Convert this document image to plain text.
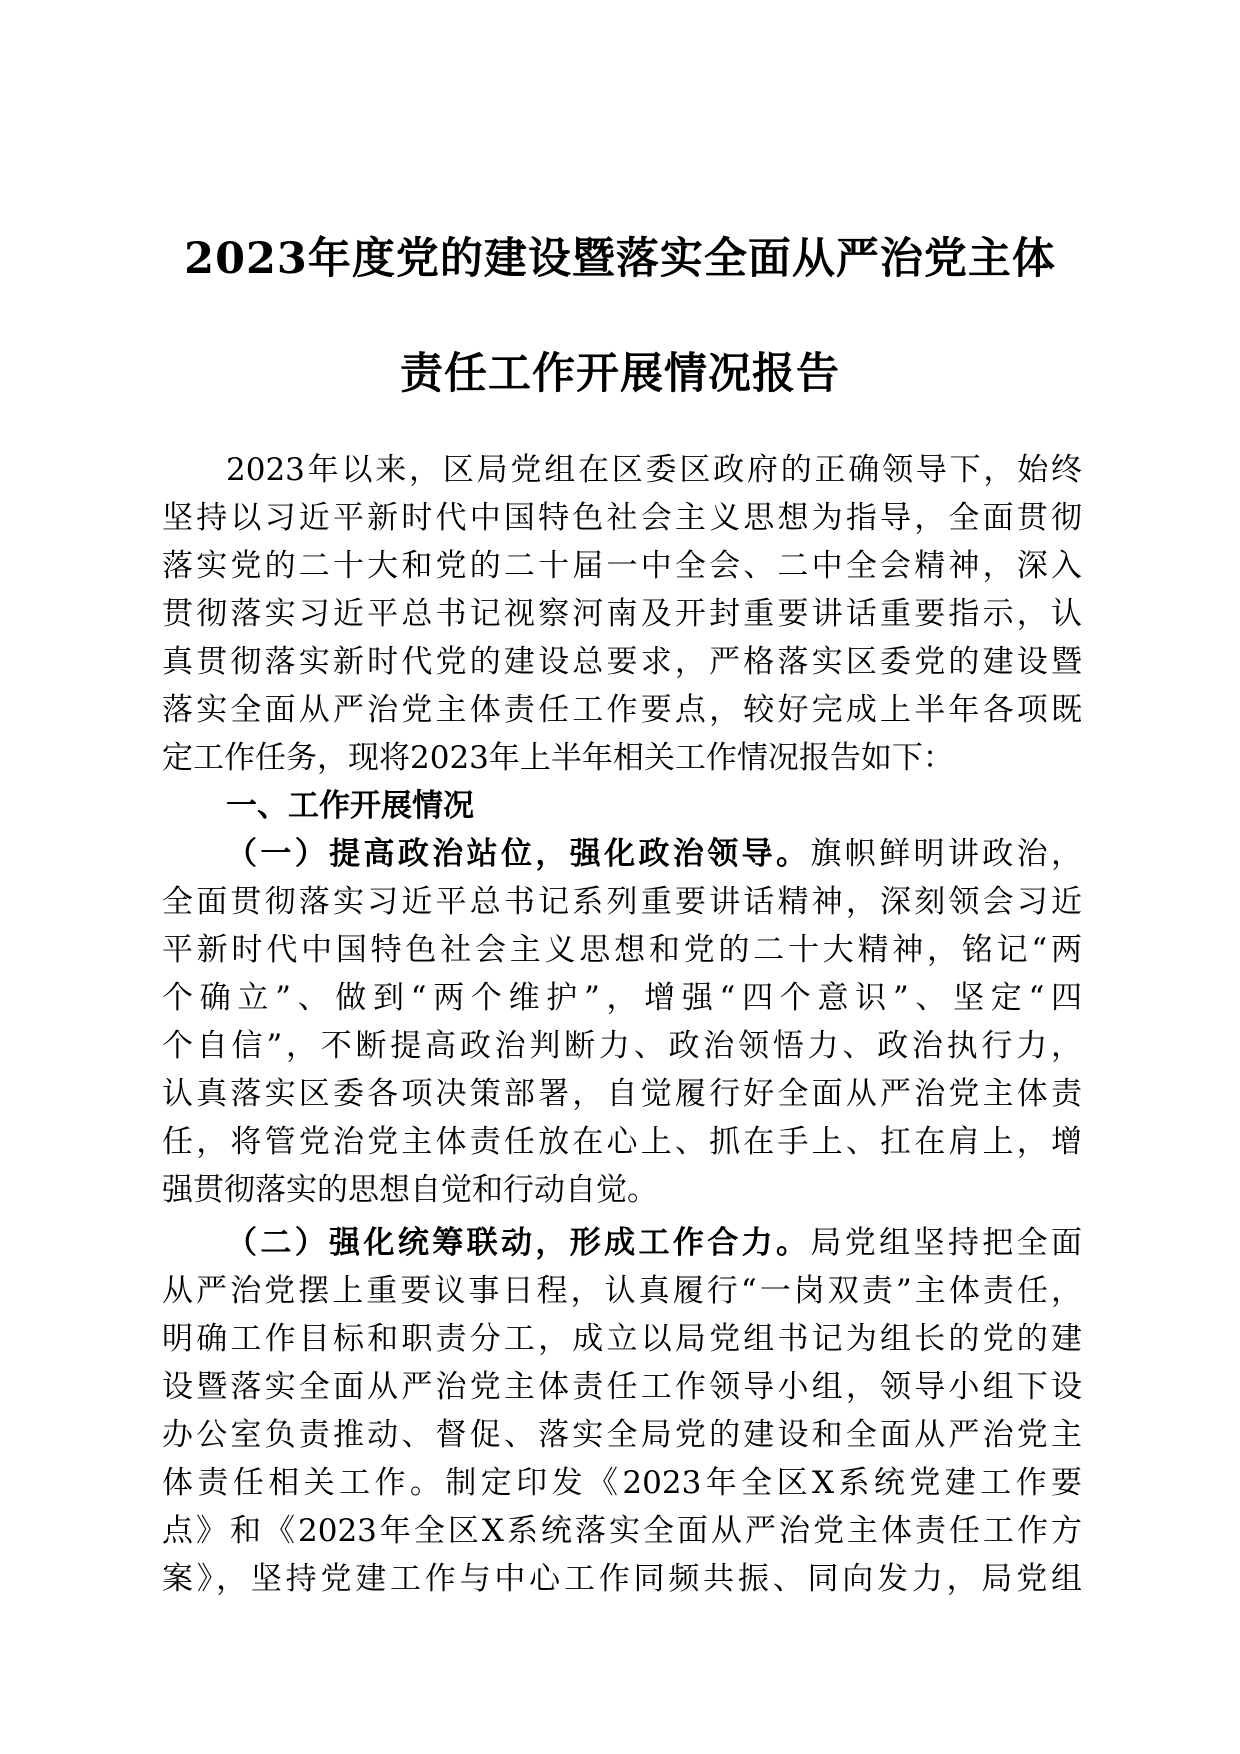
2023年度党的建设暨落实全面从严治党主体
责任工作开展情况报告
2023年以来，区局党组在区委区政府的正确领导下，始终
坚持以习近平新时代中国特色社会主义思想为指导，全面贯彻
落实党的二十大和党的二十届一中全会、二中全会精神，深入
贯彻落实习近平总书记视察河南及开封重要讲话重要指示，认
真贯彻落实新时代党的建设总要求，严格落实区委党的建设暨
落实全面从严治党主体责任工作要点，较好完成上半年各项既
定工作任务，现将2023年上半年相关工作情况报告如下：
一、工作开展情况
（一）提高政治站位，强化政治领导。旗帜鲜明讲政治，
全面贯彻落实习近平总书记系列重要讲话精神，深刻领会习近
平新时代中国特色社会主义思想和党的二十大精神，铭记“两
个确立”、做到“两个维护”，增强“四个意识”、坚定“四
个自信”，不断提高政治判断力、政治领悟力、政治执行力，
认真落实区委各项决策部署，自觉履行好全面从严治党主体责
任，将管党治党主体责任放在心上、抓在手上、扛在肩上，增
强贯彻落实的思想自觉和行动自觉。
（二）强化统筹联动，形成工作合力。局党组坚持把全面
从严治党摆上重要议事日程，认真履行“一岗双责”主体责任，
明确工作目标和职责分工，成立以局党组书记为组长的党的建
设暨落实全面从严治党主体责任工作领导小组，领导小组下设
办公室负责推动、督促、落实全局党的建设和全面从严治党主
体责任相关工作。制定印发《2023年全区X系统党建工作要
点》和《2023年全区X系统落实全面从严治党主体责任工作方
案》，坚持党建工作与中心工作同频共振、同向发力，局党组
